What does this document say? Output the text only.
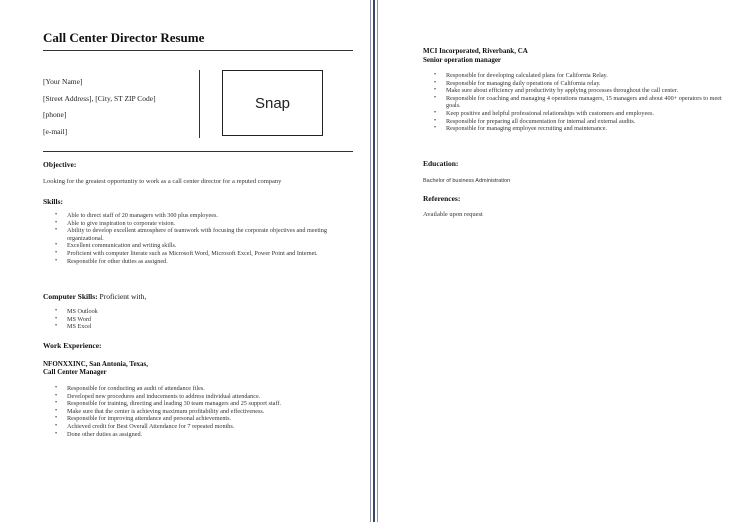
Call Center Director Resume
[Your Name]
[Street Address], [City, ST ZIP Code]
[phone]
[e-mail]
Snap
Objective:
Looking for the greatest opportunity to work as a call center director for a reputed company
Skills:
• Able to direct staff of 20 managers with 300 plus employees.
• Able to give inspiration to corporate vision.
• Ability to develop excellent atmosphere of teamwork with focusing the corporate objectives and meeting organizational.
• Excellent communication and writing skills.
• Proficient with computer literate such as Microsoft Word, Microsoft Excel, Power Point and Internet.
• Responsible for other duties as assigned.
Computer Skills: Proficient with,
• MS Outlook
• MS Word
• MS Excel
Work Experience:
NFONXXINC, San Antonia, Texas,
Call Center Manager
• Responsible for conducting an audit of attendance files.
• Developed new procedures and inducements to address individual attendance.
• Responsible for training, directing and leading 30 team managers and 25 support staff.
• Make sure that the center is achieving maximum profitability and effectiveness.
• Responsible for improving attendance and personal achievements.
• Achieved credit for Best Overall Attendance for 7 repeated months.
• Done other duties as assigned.
MCI Incorporated, Riverbank, CA
Senior operation manager
• Responsible for developing calculated plans for California Relay.
• Responsible for managing daily operations of California relay.
• Make sure about efficiency and productivity by applying processes throughout the call center.
• Responsible for coaching and managing 4 operations managers, 15 managers and about 400+ operators to meet goals.
• Keep positive and helpful professional relationships with customers and employees.
• Responsible for preparing all documentation for internal and external audits.
• Responsible for managing employee recruiting and maintenance.
Education:
Bachelor of business Administration
References:
Available upon request
